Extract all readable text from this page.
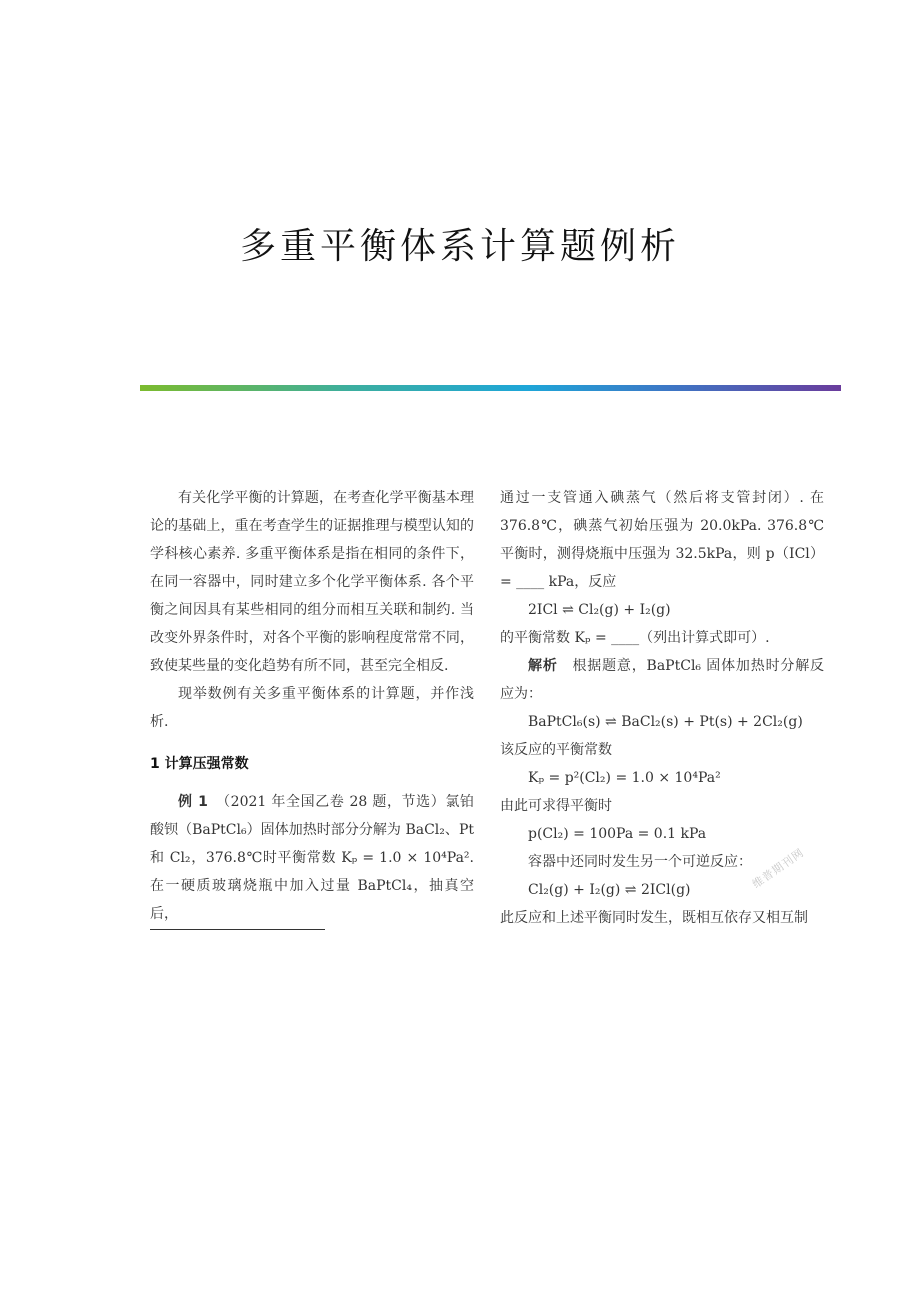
多重平衡体系计算题例析

有关化学平衡的计算题，在考查化学平衡基本理论的基础上，重在考查学生的证据推理与模型认知的学科核心素养. 多重平衡体系是指在相同的条件下，在同一容器中，同时建立多个化学平衡体系. 各个平衡之间因具有某些相同的组分而相互关联和制约. 当改变外界条件时，对各个平衡的影响程度常常不同，致使某些量的变化趋势有所不同，甚至完全相反.

现举数例有关多重平衡体系的计算题，并作浅析.

1 计算压强常数

例 1　 （2021 年全国乙卷 28 题，节选）氯铂酸钡（BaPtCl₆）固体加热时部分分解为 BaCl₂、Pt 和 Cl₂，376.8℃时平衡常数 Kₚ = 1.0 × 10⁴Pa². 在一硬质玻璃烧瓶中加入过量 BaPtCl₄，抽真空后，

通过一支管通入碘蒸气（然后将支管封闭）. 在 376.8℃，碘蒸气初始压强为 20.0kPa. 376.8℃ 平衡时，测得烧瓶中压强为 32.5kPa，则 p（ICl）= ____ kPa，反应

2ICl ⇌ Cl₂(g) + I₂(g)

的平衡常数 Kₚ = ____（列出计算式即可）.

解析　 根据题意，BaPtCl₆ 固体加热时分解反应为：

BaPtCl₆(s) ⇌ BaCl₂(s) + Pt(s) + 2Cl₂(g)

该反应的平衡常数

Kₚ = p²(Cl₂) = 1.0 × 10⁴Pa²

由此可求得平衡时

p(Cl₂) = 100Pa = 0.1 kPa

容器中还同时发生另一个可逆反应：

Cl₂(g) + I₂(g) ⇌ 2ICl(g)

此反应和上述平衡同时发生，既相互依存又相互制

维普期刊网
